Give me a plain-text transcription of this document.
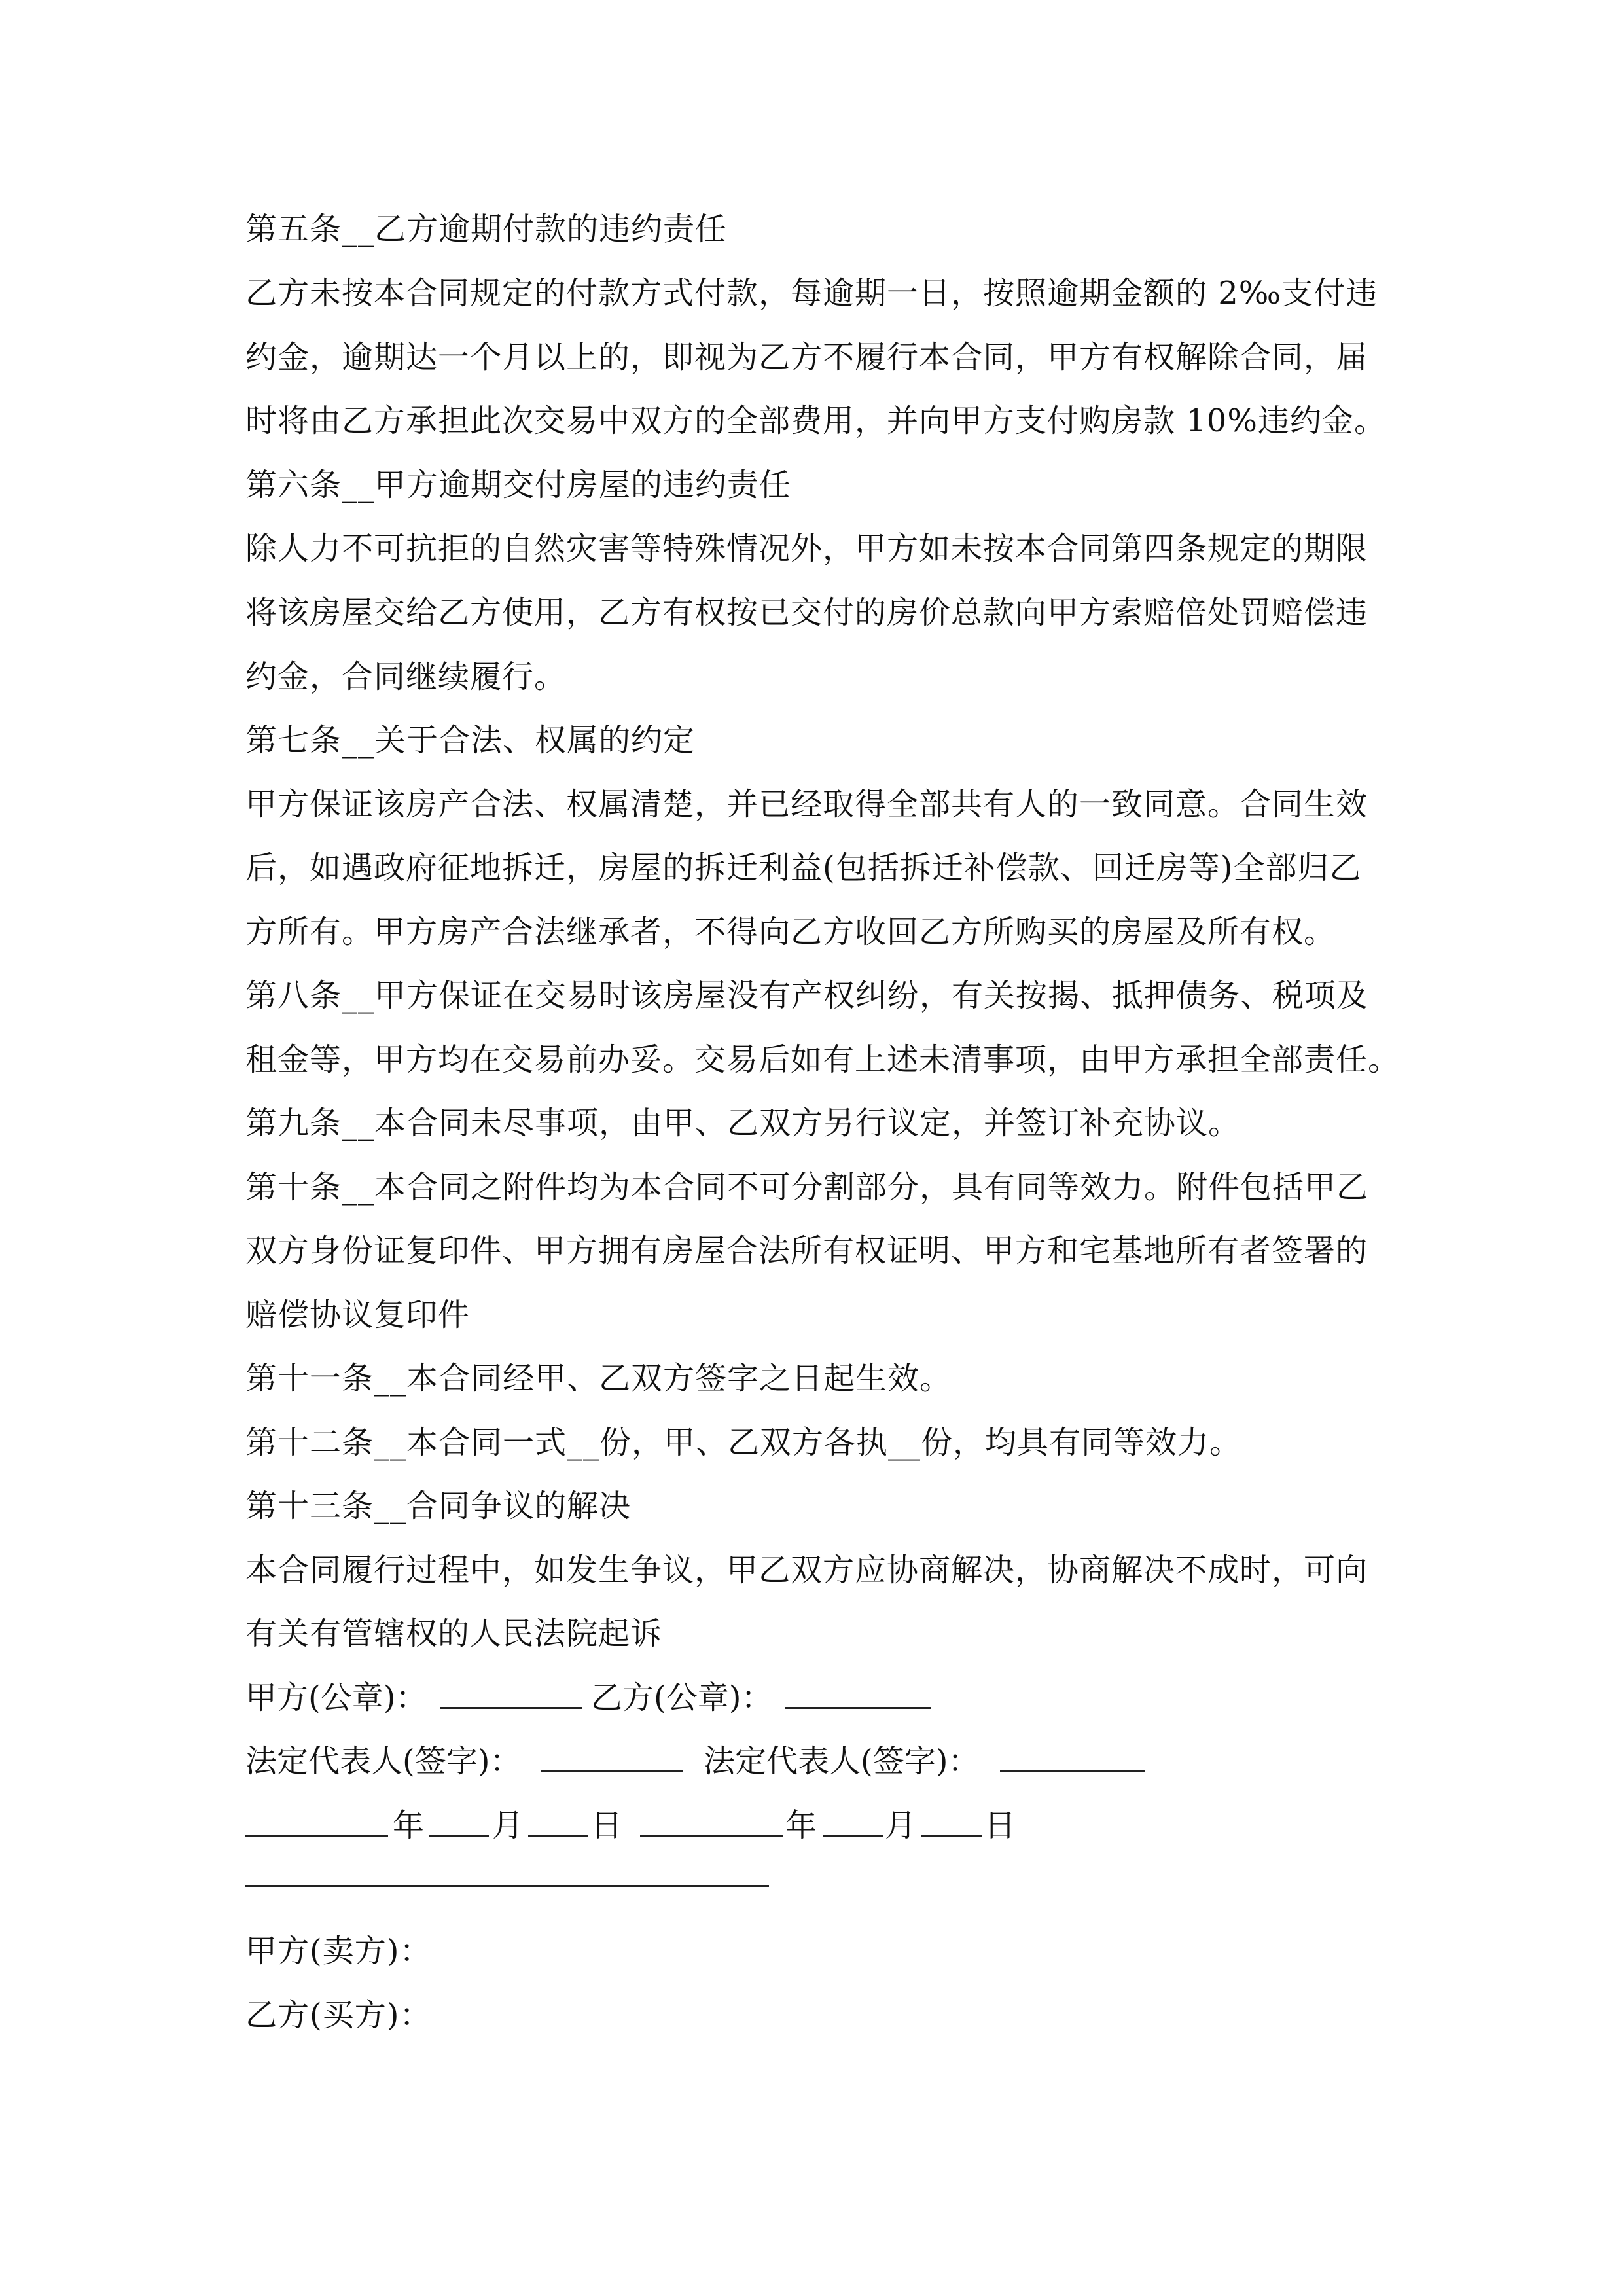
第五条__乙方逾期付款的违约责任
乙方未按本合同规定的付款方式付款，每逾期一日，按照逾期金额的 2‰支付违
约金，逾期达一个月以上的，即视为乙方不履行本合同，甲方有权解除合同，届
时将由乙方承担此次交易中双方的全部费用，并向甲方支付购房款 10%违约金。
第六条__甲方逾期交付房屋的违约责任
除人力不可抗拒的自然灾害等特殊情况外，甲方如未按本合同第四条规定的期限
将该房屋交给乙方使用，乙方有权按已交付的房价总款向甲方索赔倍处罚赔偿违
约金，合同继续履行。
第七条__关于合法、权属的约定
甲方保证该房产合法、权属清楚，并已经取得全部共有人的一致同意。合同生效
后，如遇政府征地拆迁，房屋的拆迁利益(包括拆迁补偿款、回迁房等)全部归乙
方所有。甲方房产合法继承者，不得向乙方收回乙方所购买的房屋及所有权。
第八条__甲方保证在交易时该房屋没有产权纠纷，有关按揭、抵押债务、税项及
租金等，甲方均在交易前办妥。交易后如有上述未清事项，由甲方承担全部责任。
第九条__本合同未尽事项，由甲、乙双方另行议定，并签订补充协议。
第十条__本合同之附件均为本合同不可分割部分，具有同等效力。附件包括甲乙
双方身份证复印件、甲方拥有房屋合法所有权证明、甲方和宅基地所有者签署的
赔偿协议复印件
第十一条__本合同经甲、乙双方签字之日起生效。
第十二条__本合同一式__份，甲、乙双方各执__份，均具有同等效力。
第十三条__合同争议的解决
本合同履行过程中，如发生争议，甲乙双方应协商解决，协商解决不成时，可向
有关有管辖权的人民法院起诉
甲方(公章)：	乙方(公章)：
法定代表人(签字)：	法定代表人(签字)：
年 月 日	年 月 日
甲方(卖方)：
乙方(买方)：
